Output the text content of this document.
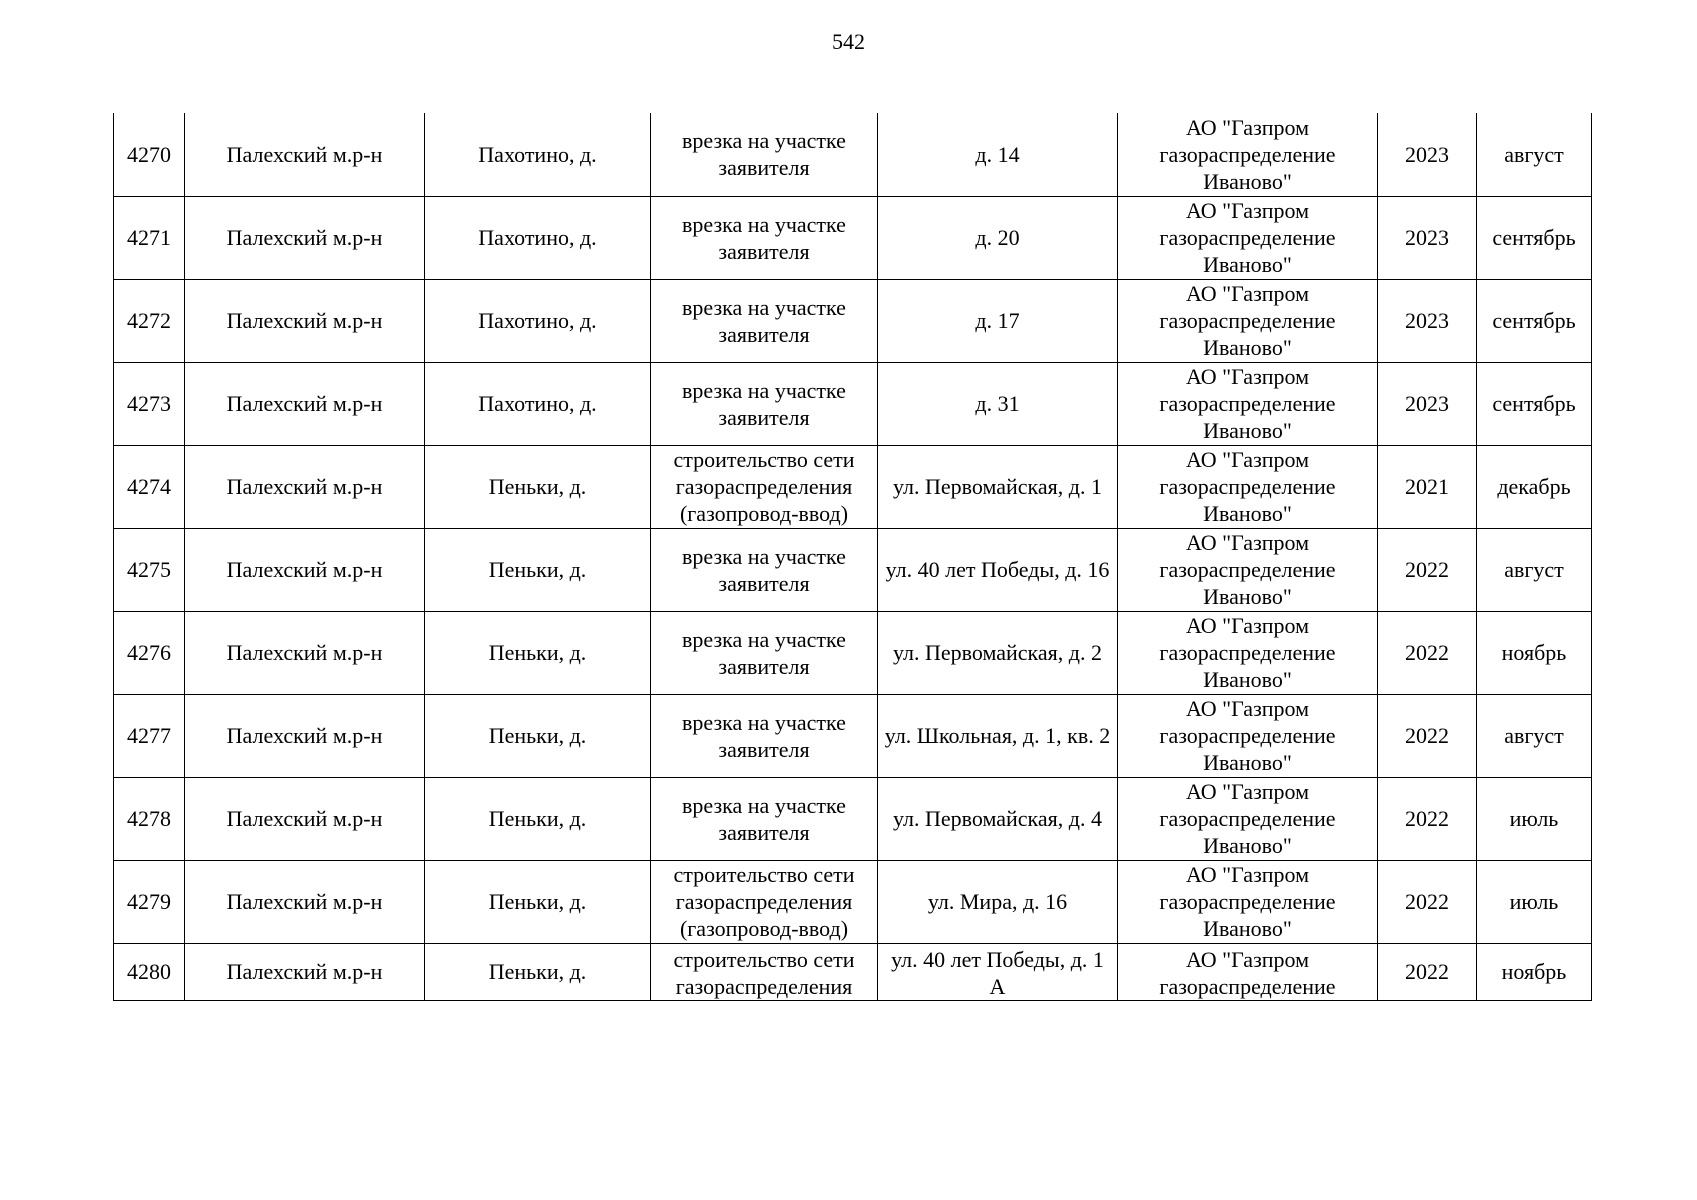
542
4270	Палехский м.р-н	Пахотино, д.	врезка на участке заявителя	д. 14	АО "Газпром газораспределение Иваново"	2023	август
4271	Палехский м.р-н	Пахотино, д.	врезка на участке заявителя	д. 20	АО "Газпром газораспределение Иваново"	2023	сентябрь
4272	Палехский м.р-н	Пахотино, д.	врезка на участке заявителя	д. 17	АО "Газпром газораспределение Иваново"	2023	сентябрь
4273	Палехский м.р-н	Пахотино, д.	врезка на участке заявителя	д. 31	АО "Газпром газораспределение Иваново"	2023	сентябрь
4274	Палехский м.р-н	Пеньки, д.	строительство сети газораспределения (газопровод-ввод)	ул. Первомайская, д. 1	АО "Газпром газораспределение Иваново"	2021	декабрь
4275	Палехский м.р-н	Пеньки, д.	врезка на участке заявителя	ул. 40 лет Победы, д. 16	АО "Газпром газораспределение Иваново"	2022	август
4276	Палехский м.р-н	Пеньки, д.	врезка на участке заявителя	ул. Первомайская, д. 2	АО "Газпром газораспределение Иваново"	2022	ноябрь
4277	Палехский м.р-н	Пеньки, д.	врезка на участке заявителя	ул. Школьная, д. 1, кв. 2	АО "Газпром газораспределение Иваново"	2022	август
4278	Палехский м.р-н	Пеньки, д.	врезка на участке заявителя	ул. Первомайская, д. 4	АО "Газпром газораспределение Иваново"	2022	июль
4279	Палехский м.р-н	Пеньки, д.	строительство сети газораспределения (газопровод-ввод)	ул. Мира, д. 16	АО "Газпром газораспределение Иваново"	2022	июль
4280	Палехский м.р-н	Пеньки, д.	строительство сети газораспределения	ул. 40 лет Победы, д. 1 А	АО "Газпром газораспределение	2022	ноябрь
